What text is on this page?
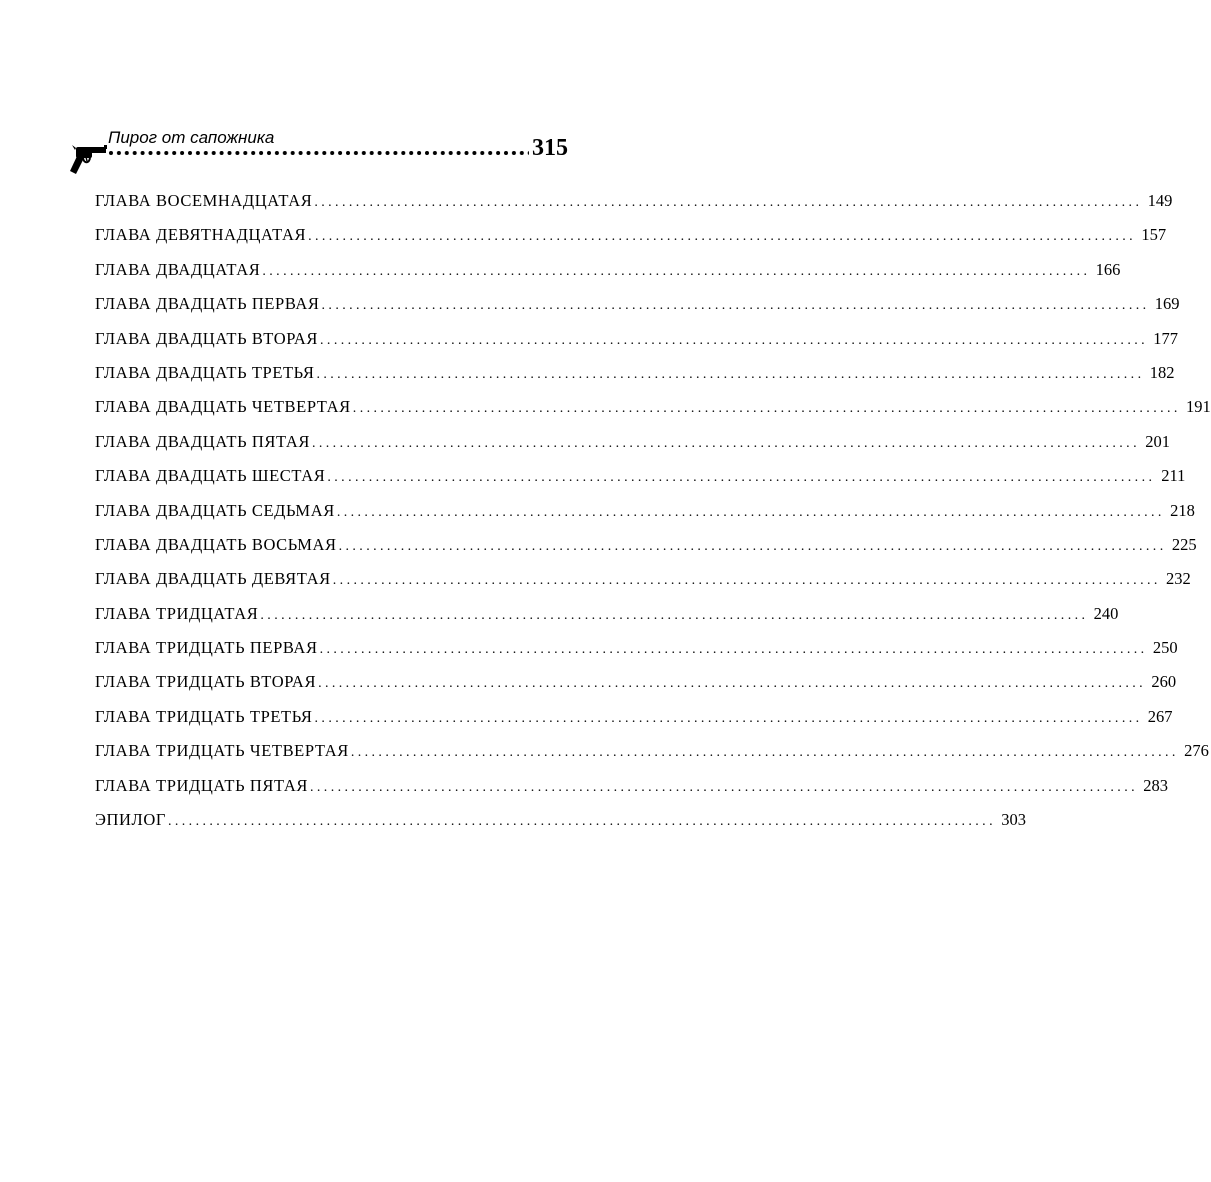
Пирог от сапожника	315
ГЛАВА ВОСЕМНАДЦАТАЯ ........................................................................................................................ 149
ГЛАВА ДЕВЯТНАДЦАТАЯ ........................................................................................................................ 157
ГЛАВА ДВАДЦАТАЯ ........................................................................................................................ 166
ГЛАВА ДВАДЦАТЬ ПЕРВАЯ ........................................................................................................................ 169
ГЛАВА ДВАДЦАТЬ ВТОРАЯ ........................................................................................................................ 177
ГЛАВА ДВАДЦАТЬ ТРЕТЬЯ ........................................................................................................................ 182
ГЛАВА ДВАДЦАТЬ ЧЕТВЕРТАЯ ........................................................................................................................ 191
ГЛАВА ДВАДЦАТЬ ПЯТАЯ ........................................................................................................................ 201
ГЛАВА ДВАДЦАТЬ ШЕСТАЯ ........................................................................................................................ 211
ГЛАВА ДВАДЦАТЬ СЕДЬМАЯ ........................................................................................................................ 218
ГЛАВА ДВАДЦАТЬ ВОСЬМАЯ ........................................................................................................................ 225
ГЛАВА ДВАДЦАТЬ ДЕВЯТАЯ ........................................................................................................................ 232
ГЛАВА ТРИДЦАТАЯ ........................................................................................................................ 240
ГЛАВА ТРИДЦАТЬ ПЕРВАЯ ........................................................................................................................ 250
ГЛАВА ТРИДЦАТЬ ВТОРАЯ ........................................................................................................................ 260
ГЛАВА ТРИДЦАТЬ ТРЕТЬЯ ........................................................................................................................ 267
ГЛАВА ТРИДЦАТЬ ЧЕТВЕРТАЯ ........................................................................................................................ 276
ГЛАВА ТРИДЦАТЬ ПЯТАЯ ........................................................................................................................ 283
ЭПИЛОГ ........................................................................................................................ 303
